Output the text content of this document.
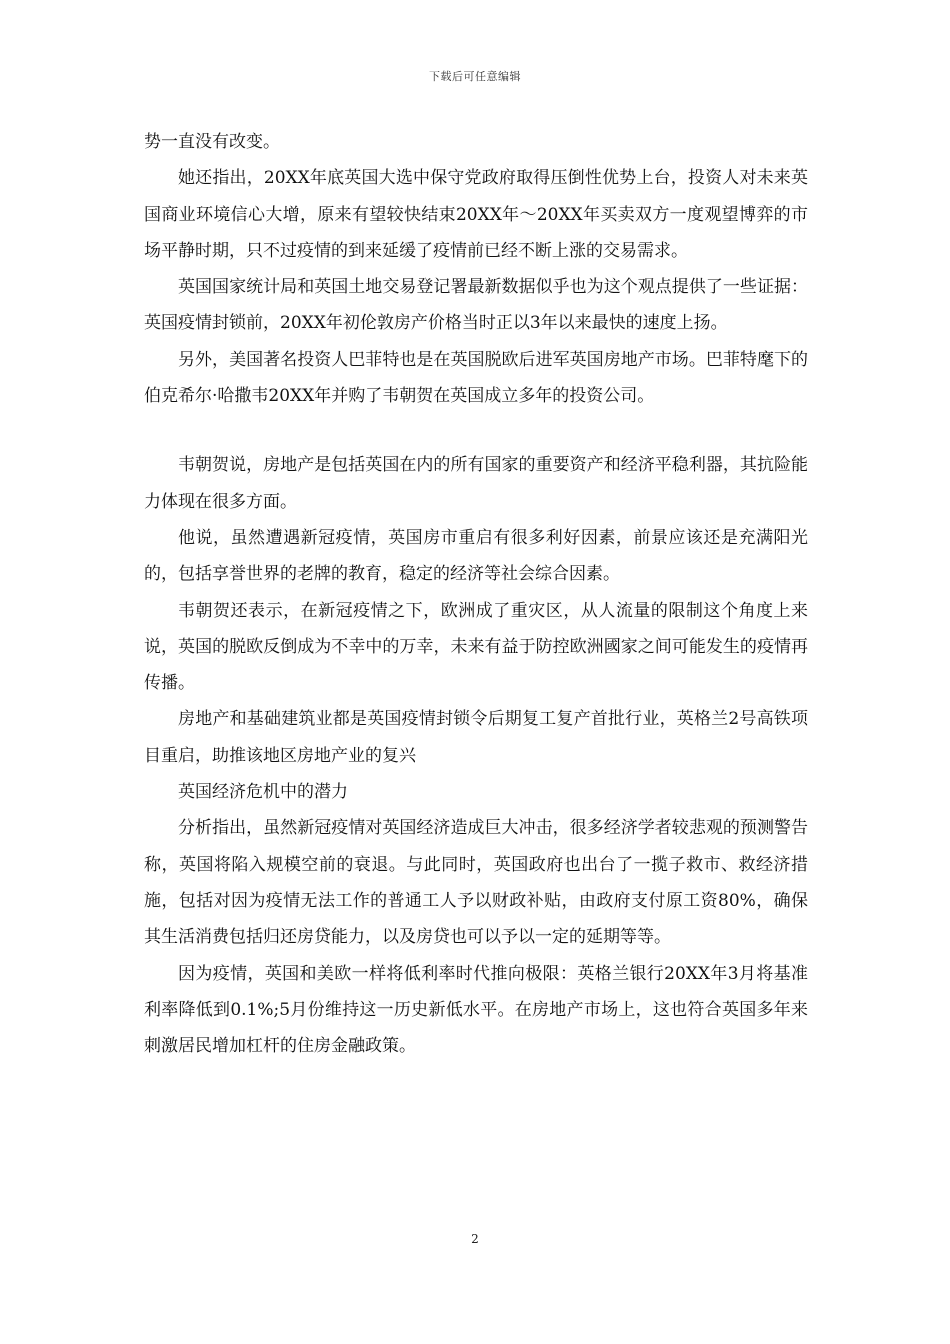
下载后可任意编辑

势一直没有改变。

她还指出，20XX年底英国大选中保守党政府取得压倒性优势上台，投资人对未来英国商业环境信心大增，原来有望较快结束20XX年～20XX年买卖双方一度观望博弈的市场平静时期，只不过疫情的到来延缓了疫情前已经不断上涨的交易需求。

英国国家统计局和英国土地交易登记署最新数据似乎也为这个观点提供了一些证据：英国疫情封锁前，20XX年初伦敦房产价格当时正以3年以来最快的速度上扬。

另外，美国著名投资人巴菲特也是在英国脱欧后进军英国房地产市场。巴菲特麾下的伯克希尔·哈撒韦20XX年并购了韦朝贺在英国成立多年的投资公司。

韦朝贺说，房地产是包括英国在内的所有国家的重要资产和经济平稳利器，其抗险能力体现在很多方面。

他说，虽然遭遇新冠疫情，英国房市重启有很多利好因素，前景应该还是充满阳光的，包括享誉世界的老牌的教育，稳定的经济等社会综合因素。

韦朝贺还表示，在新冠疫情之下，欧洲成了重灾区，从人流量的限制这个角度上来说，英国的脱欧反倒成为不幸中的万幸，未来有益于防控欧洲國家之间可能发生的疫情再传播。

房地产和基础建筑业都是英国疫情封锁令后期复工复产首批行业，英格兰2号高铁项目重启，助推该地区房地产业的复兴

英国经济危机中的潜力

分析指出，虽然新冠疫情对英国经济造成巨大冲击，很多经济学者较悲观的预测警告称，英国将陷入规模空前的衰退。与此同时，英国政府也出台了一揽子救市、救经济措施，包括对因为疫情无法工作的普通工人予以财政补贴，由政府支付原工资80%，确保其生活消费包括归还房贷能力，以及房贷也可以予以一定的延期等等。

因为疫情，英国和美欧一样将低利率时代推向极限：英格兰银行20XX年3月将基准利率降低到0.1%;5月份维持这一历史新低水平。在房地产市场上，这也符合英国多年来刺激居民增加杠杆的住房金融政策。

2
